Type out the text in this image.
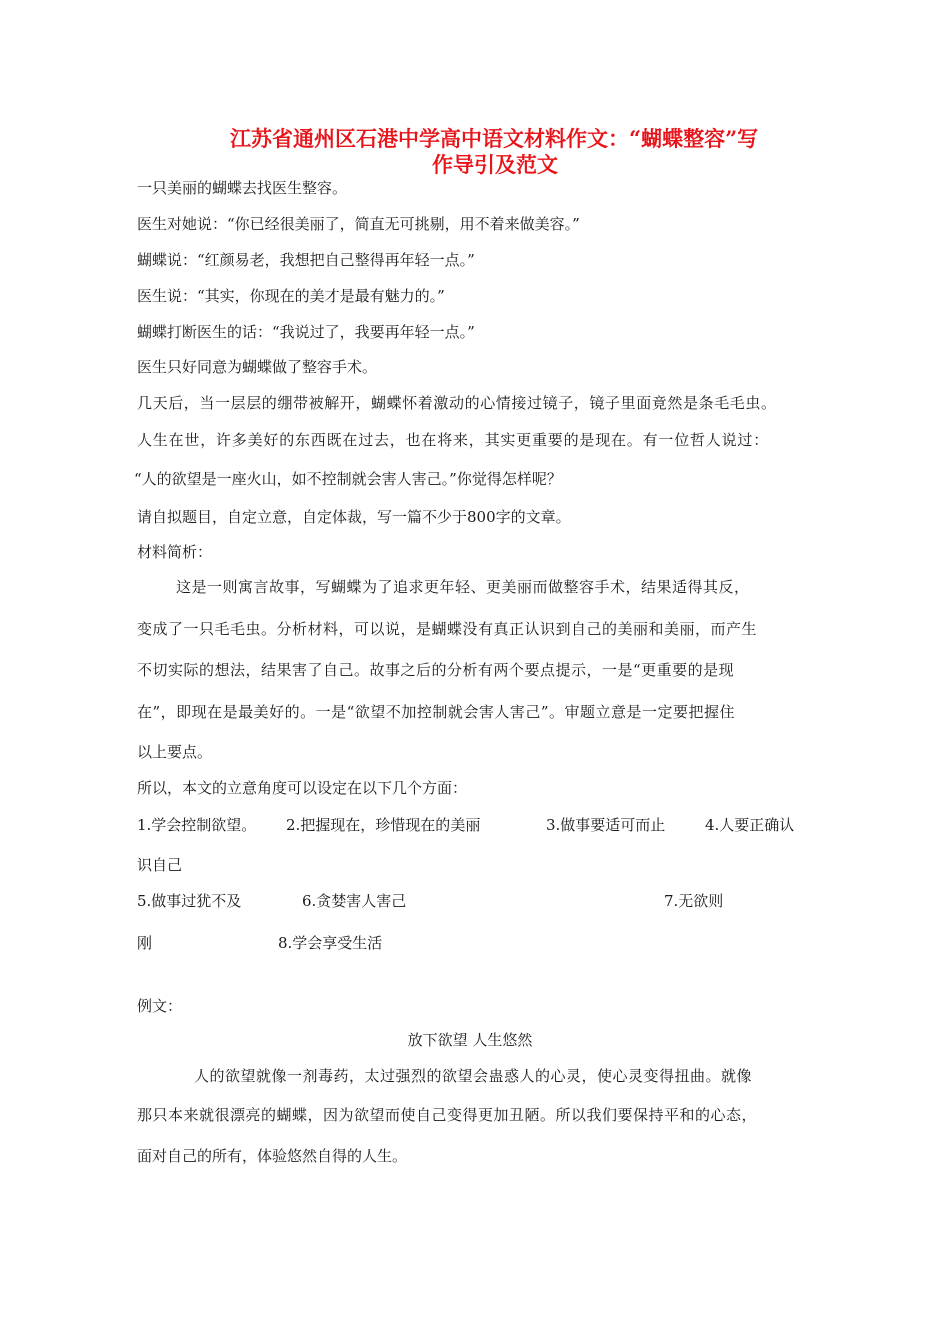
江苏省通州区石港中学高中语文材料作文：“蝴蝶整容”写
作导引及范文
一只美丽的蝴蝶去找医生整容。
医生对她说：“你已经很美丽了，简直无可挑剔，用不着来做美容。”
蝴蝶说：“红颜易老，我想把自己整得再年轻一点。”
医生说：“其实，你现在的美才是最有魅力的。”
蝴蝶打断医生的话：“我说过了，我要再年轻一点。”
医生只好同意为蝴蝶做了整容手术。
几天后，当一层层的绷带被解开，蝴蝶怀着激动的心情接过镜子，镜子里面竟然是条毛毛虫。
人生在世，许多美好的东西既在过去，也在将来，其实更重要的是现在。有一位哲人说过：
“人的欲望是一座火山，如不控制就会害人害己。”你觉得怎样呢？
请自拟题目，自定立意，自定体裁，写一篇不少于800字的文章。
材料简析：
这是一则寓言故事，写蝴蝶为了追求更年轻、更美丽而做整容手术，结果适得其反，
变成了一只毛毛虫。分析材料，可以说，是蝴蝶没有真正认识到自己的美丽和美丽，而产生
不切实际的想法，结果害了自己。故事之后的分析有两个要点提示，一是“更重要的是现
在”，即现在是最美好的。一是“欲望不加控制就会害人害己”。审题立意是一定要把握住
以上要点。
所以，本文的立意角度可以设定在以下几个方面：
1.学会控制欲望。 2.把握现在，珍惜现在的美丽	3.做事要适可而止	4.人要正确认
识自己
5.做事过犹不及	6.贪婪害人害己	7.无欲则
刚	8.学会享受生活
例文：
放下欲望 人生悠然
人的欲望就像一剂毒药，太过强烈的欲望会蛊惑人的心灵，使心灵变得扭曲。就像
那只本来就很漂亮的蝴蝶，因为欲望而使自己变得更加丑陋。所以我们要保持平和的心态，
面对自己的所有，体验悠然自得的人生。
